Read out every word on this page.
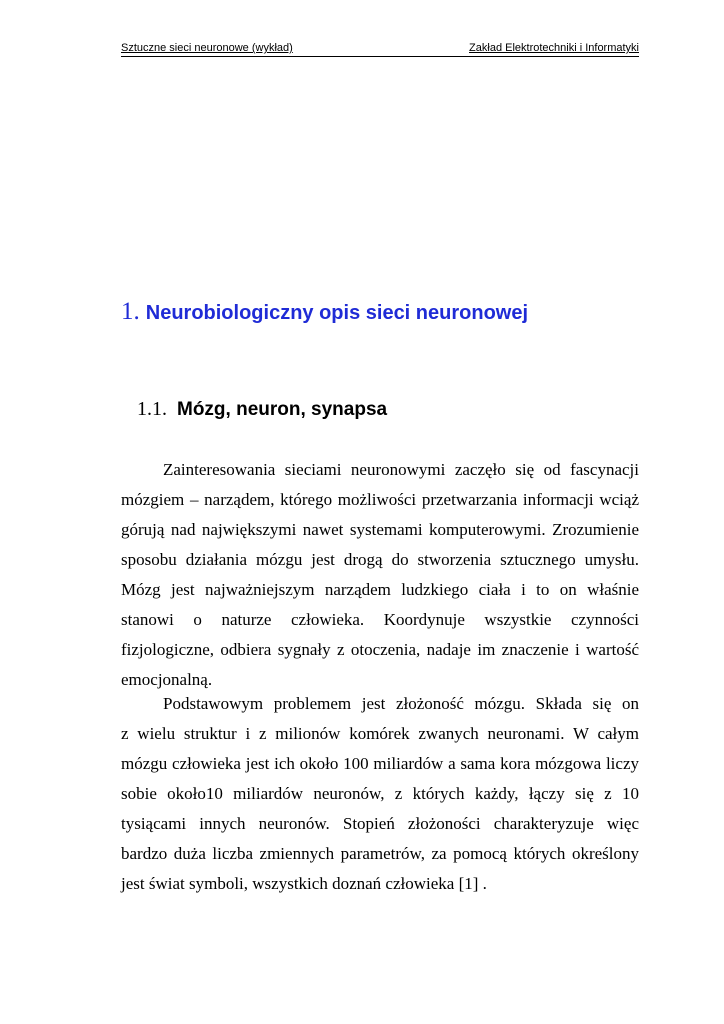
Sztuczne sieci neuronowe (wykład)	Zakład Elektrotechniki i Informatyki
1. Neurobiologiczny opis sieci neuronowej
1.1. Mózg, neuron, synapsa
Zainteresowania sieciami neuronowymi zaczęło się od fascynacji
mózgiem – narządem, którego możliwości przetwarzania informacji wciąż
górują nad największymi nawet systemami komputerowymi. Zrozumienie
sposobu działania mózgu jest drogą do stworzenia sztucznego umysłu.
Mózg jest najważniejszym narządem ludzkiego ciała i to on właśnie
stanowi o naturze człowieka. Koordynuje wszystkie czynności
fizjologiczne, odbiera sygnały z otoczenia, nadaje im znaczenie i wartość
emocjonalną.
Podstawowym problemem jest złożoność mózgu. Składa się on
z wielu struktur i z milionów komórek zwanych neuronami. W całym
mózgu człowieka jest ich około 100 miliardów a sama kora mózgowa liczy
sobie około10 miliardów neuronów, z których każdy, łączy się z 10
tysiącami innych neuronów. Stopień złożoności charakteryzuje więc
bardzo duża liczba zmiennych parametrów, za pomocą których określony
jest świat symboli, wszystkich doznań człowieka [1] .
